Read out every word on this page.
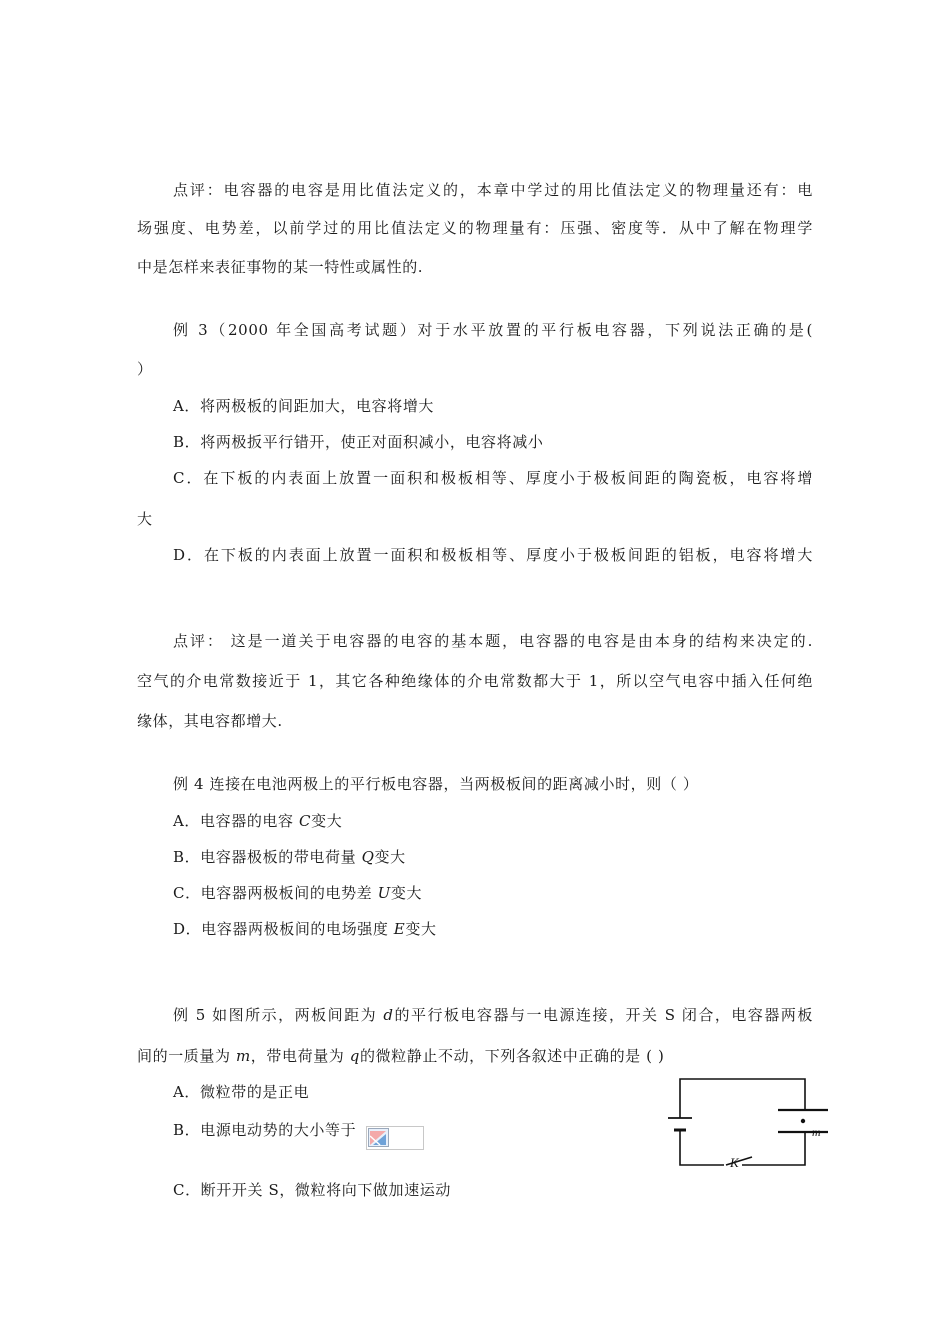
点评：电容器的电容是用比值法定义的，本章中学过的用比值法定义的物理量还有：电
场强度、电势差，以前学过的用比值法定义的物理量有：压强、密度等．从中了解在物理学
中是怎样来表征事物的某一特性或属性的.
例 3（2000 年全国高考试题）对于水平放置的平行板电容器，下列说法正确的是(
）
A．将两极板的间距加大，电容将增大
B．将两极扳平行错开，使正对面积减小，电容将减小
C．在下板的内表面上放置一面积和极板相等、厚度小于极板间距的陶瓷板，电容将增
大
D．在下板的内表面上放置一面积和极板相等、厚度小于极板间距的铝板，电容将增大
点评： 这是一道关于电容器的电容的基本题，电容器的电容是由本身的结构来决定的.
空气的介电常数接近于 1，其它各种绝缘体的介电常数都大于 1，所以空气电容中插入任何绝
缘体，其电容都增大.
例 4 连接在电池两极上的平行板电容器，当两极板间的距离减小时，则（ ）
A．电容器的电容 C变大
B．电容器极板的带电荷量 Q变大
C．电容器两极板间的电势差 U变大
D．电容器两极板间的电场强度 E变大
例 5 如图所示，两板间距为 d的平行板电容器与一电源连接，开关 S 闭合，电容器两板
间的一质量为 m，带电荷量为 q的微粒静止不动，下列各叙述中正确的是 ( )
A．微粒带的是正电
B．电源电动势的大小等于
C．断开开关 S，微粒将向下做加速运动
m
K
